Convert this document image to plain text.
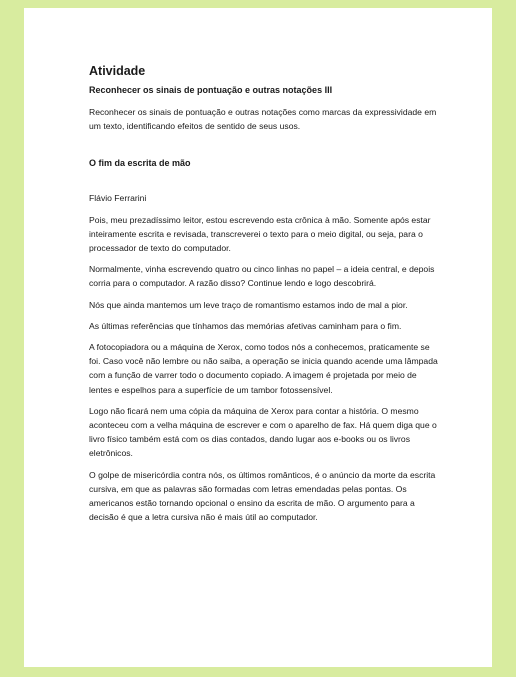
Atividade
Reconhecer os sinais de pontuação e outras notações III

Reconhecer os sinais de pontuação e outras notações como marcas da expressividade em um texto, identificando efeitos de sentido de seus usos.

O fim da escrita de mão

Flávio Ferrarini

Pois, meu prezadíssimo leitor, estou escrevendo esta crônica à mão. Somente após estar inteiramente escrita e revisada, transcreverei o texto para o meio digital, ou seja, para o processador de texto do computador.

Normalmente, vinha escrevendo quatro ou cinco linhas no papel – a ideia central, e depois corria para o computador. A razão disso? Continue lendo e logo descobrirá.

Nós que ainda mantemos um leve traço de romantismo estamos indo de mal a pior.

As últimas referências que tínhamos das memórias afetivas caminham para o fim.

A fotocopiadora ou a máquina de Xerox, como todos nós a conhecemos, praticamente se foi. Caso você não lembre ou não saiba, a operação se inicia quando acende uma lâmpada com a função de varrer todo o documento copiado. A imagem é projetada por meio de lentes e espelhos para a superfície de um tambor fotossensível.

Logo não ficará nem uma cópia da máquina de Xerox para contar a história. O mesmo aconteceu com a velha máquina de escrever e com o aparelho de fax. Há quem diga que o livro físico também está com os dias contados, dando lugar aos e-books ou os livros eletrônicos.

O golpe de misericórdia contra nós, os últimos românticos, é o anúncio da morte da escrita cursiva, em que as palavras são formadas com letras emendadas pelas pontas. Os americanos estão tornando opcional o ensino da escrita de mão. O argumento para a decisão é que a letra cursiva não é mais útil ao computador.
